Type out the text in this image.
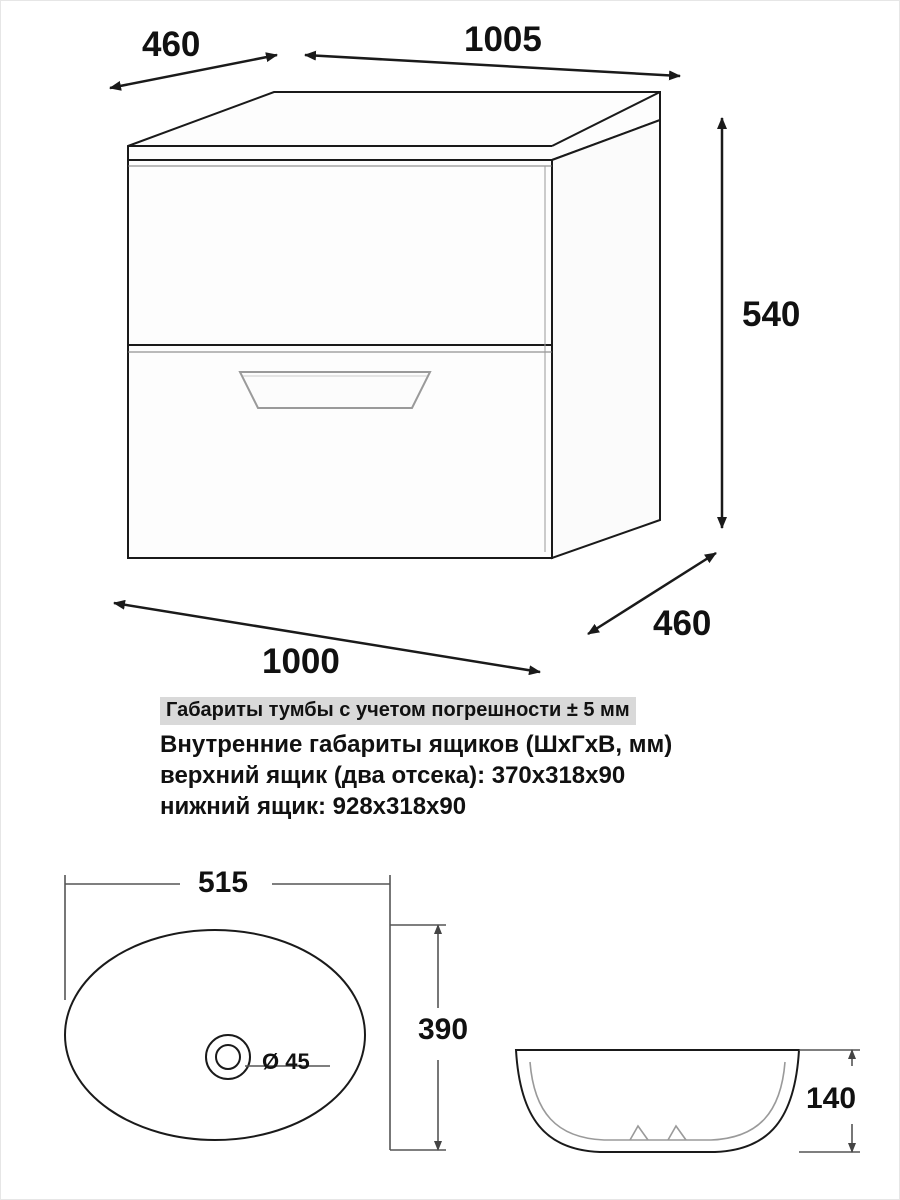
460	1005
540
460
1000
515
390
Ø 45
140
Габариты тумбы с учетом погрешности ± 5 мм
Внутренние габариты ящиков (ШхГхВ, мм)
верхний ящик (два отсека): 370х318х90
нижний ящик: 928х318х90
